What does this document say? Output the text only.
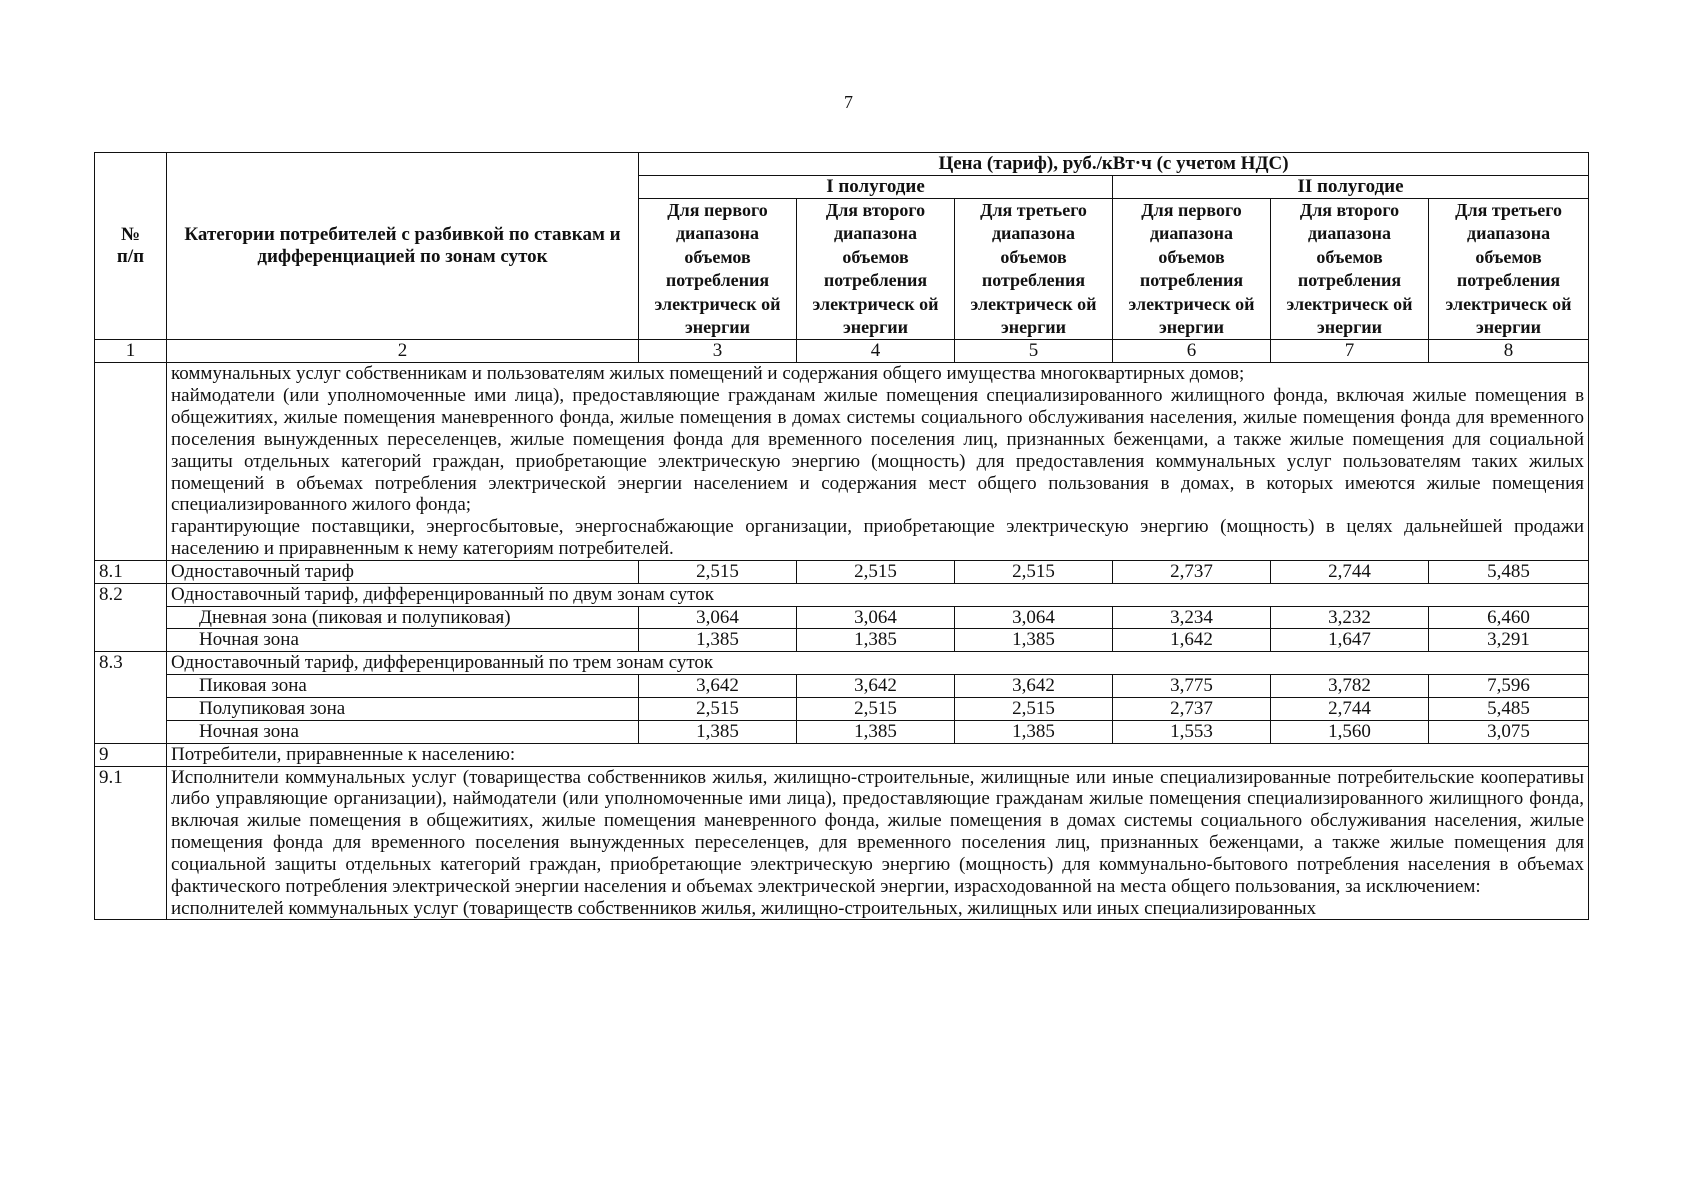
7
№
п/п	Категории потребителей с разбивкой по ставкам и дифференциацией по зонам суток	Цена (тариф), руб./кВт·ч (с учетом НДС)					
		I полугодие			II полугодие		
		Для первого диапазона объемов потребления электрическ ой энергии	Для второго диапазона объемов потребления электрическ ой энергии	Для третьего диапазона объемов потребления электрическ ой энергии	Для первого диапазона объемов потребления электрическ ой энергии	Для второго диапазона объемов потребления электрическ ой энергии	Для третьего диапазона объемов потребления электрическ ой энергии
1	2	3	4	5	6	7	8

	коммунальных услуг собственникам и пользователям жилых помещений и содержания общего имущества многоквартирных домов;
наймодатели (или уполномоченные ими лица), предоставляющие гражданам жилые помещения специализированного жилищного фонда, включая жилые помещения в общежитиях, жилые помещения маневренного фонда, жилые помещения в домах системы социального обслуживания населения, жилые помещения фонда для временного поселения вынужденных переселенцев, жилые помещения фонда для временного поселения лиц, признанных беженцами, а также жилые помещения для социальной защиты отдельных категорий граждан, приобретающие электрическую энергию (мощность) для предоставления коммунальных услуг пользователям таких жилых помещений в объемах потребления электрической энергии населением и содержания мест общего пользования в домах, в которых имеются жилые помещения специализированного жилого фонда;
гарантирующие поставщики, энергосбытовые, энергоснабжающие организации, приобретающие электрическую энергию (мощность) в целях дальнейшей продажи населению и приравненным к нему категориям потребителей.						

8.1	Одноставочный тариф	2,515	2,515	2,515	2,737	2,744	5,485
8.2	Одноставочный тариф, дифференцированный по двум зонам суток						
	Дневная зона (пиковая и полупиковая)	3,064	3,064	3,064	3,234	3,232	6,460
	Ночная зона	1,385	1,385	1,385	1,642	1,647	3,291
8.3	Одноставочный тариф, дифференцированный по трем зонам суток						
	Пиковая зона	3,642	3,642	3,642	3,775	3,782	7,596
	Полупиковая зона	2,515	2,515	2,515	2,737	2,744	5,485
	Ночная зона	1,385	1,385	1,385	1,553	1,560	3,075
9	Потребители, приравненные к населению:						
9.1	Исполнители коммунальных услуг (товарищества собственников жилья, жилищно-строительные, жилищные или иные специализированные потребительские кооперативы либо управляющие организации), наймодатели (или уполномоченные ими лица), предоставляющие гражданам жилые помещения специализированного жилищного фонда, включая жилые помещения в общежитиях, жилые помещения маневренного фонда, жилые помещения в домах системы социального обслуживания населения, жилые помещения фонда для временного поселения вынужденных переселенцев, для временного поселения лиц, признанных беженцами, а также жилые помещения для социальной защиты отдельных категорий граждан, приобретающие электрическую энергию (мощность) для коммунально-бытового потребления населения в объемах фактического потребления электрической энергии населения и объемах электрической энергии, израсходованной на места общего пользования, за исключением:
исполнителей коммунальных услуг (товариществ собственников жилья, жилищно-строительных, жилищных или иных специализированных						
